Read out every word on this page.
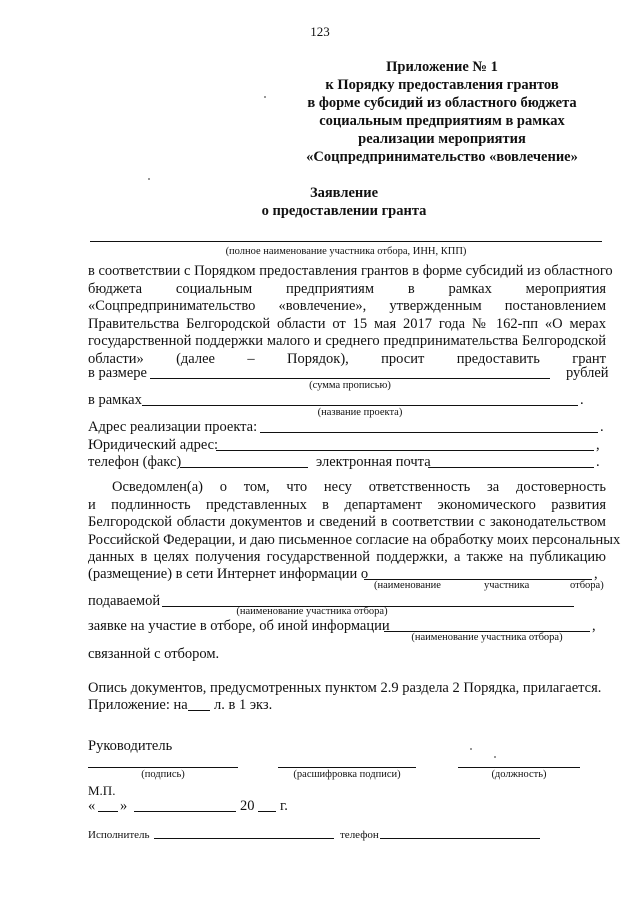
123
Приложение № 1
к Порядку предоставления грантов
в форме субсидий из областного бюджета
социальным предприятиям в рамках
реализации мероприятия
«Соцпредпринимательство «вовлечение»
Заявление
о предоставлении гранта
(полное наименование участника отбора, ИНН, КПП)
в соответствии с Порядком предоставления грантов в форме субсидий из областного
бюджета социальным предприятиям в рамках мероприятия
«Соцпредпринимательство «вовлечение», утвержденным постановлением
Правительства Белгородской области от 15 мая 2017 года № 162-пп «О мерах
государственной поддержки малого и среднего предпринимательства Белгородской
области» (далее – Порядок), просит предоставить грант
в размере	рублей
(сумма прописью)
в рамках	.
(название проекта)
Адрес реализации проекта:	.
Юридический адрес:	,
телефон (факс)	электронная почта	.
Осведомлен(а) о том, что несу ответственность за достоверность
и подлинность представленных в департамент экономического развития
Белгородской области документов и сведений в соответствии с законодательством
Российской Федерации, и даю письменное согласие на обработку моих персональных
данных в целях получения государственной поддержки, а также на публикацию
(размещение) в сети Интернет информации о	,
(наименование	участника	отбора)
подаваемой
(наименование участника отбора)
заявке на участие в отборе, об иной информации	,
(наименование участника отбора)
связанной с отбором.
Опись документов, предусмотренных пунктом 2.9 раздела 2 Порядка, прилагается.
Приложение: на л. в 1 экз.
Руководитель
(подпись)	(расшифровка подписи)	(должность)
М.П.
« »	20 г.
Исполнитель	телефон
